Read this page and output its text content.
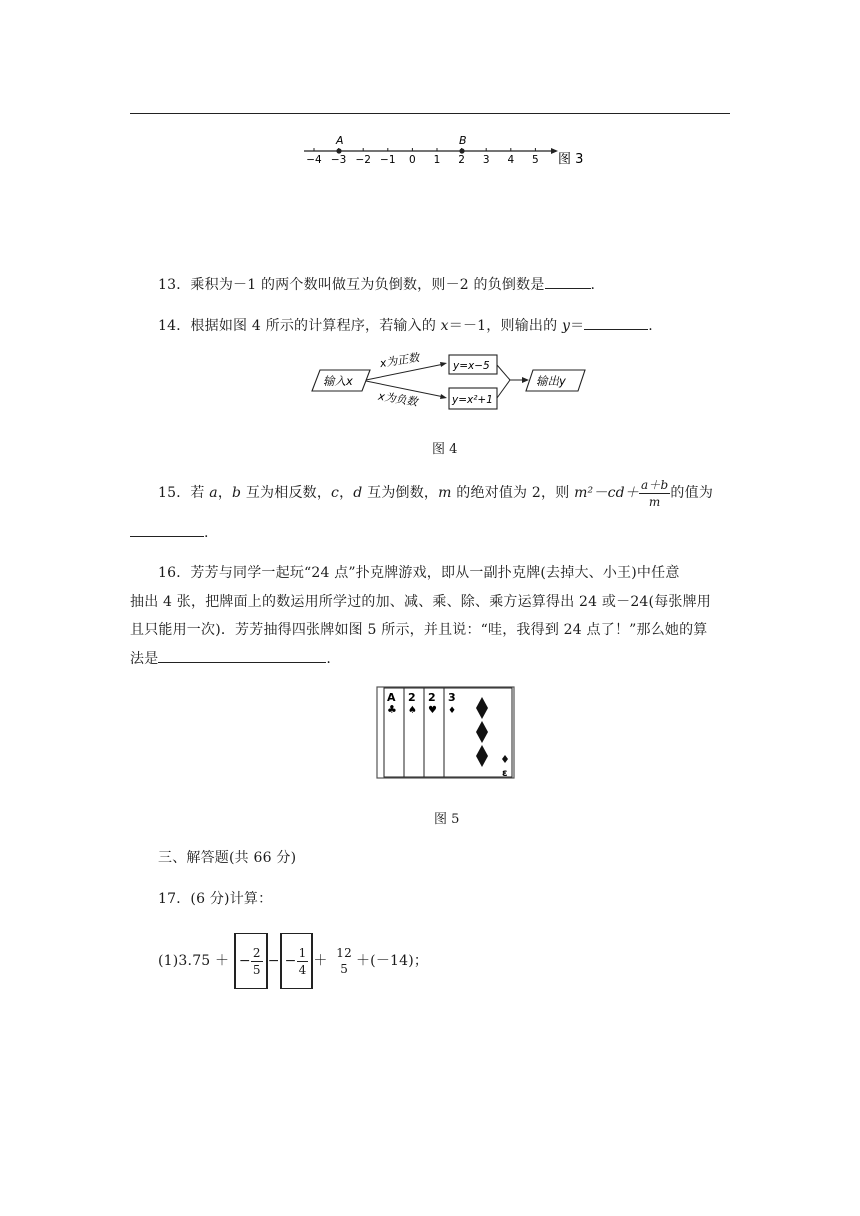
−4 −3 −2 −1 0 1 2 3 4 5
A	B
图 3
13．乘积为－1 的两个数叫做互为负倒数，则－2 的负倒数是	.
14．根据如图 4 所示的计算程序，若输入的 x＝－1，则输出的 y＝	.
输入x
x为正数
x为负数
y=x−5
y=x²+1
输出y
图 4
15．若 a，b 互为相反数，c，d 互为倒数，m 的绝对值为 2，则 $m^2-cd+ \frac{a+b}{m}$ 的值为
.
16．芳芳与同学一起玩“24 点”扑克牌游戏，即从一副扑克牌(去掉大、小王)中任意
抽出 4 张，把牌面上的数运用所学过的加、减、乘、除、乘方运算得出 24 或－24(每张牌用
且只能用一次)．芳芳抽得四张牌如图 5 所示，并且说：“哇，我得到 24 点了！”那么她的算
法是	.
A
♣
2
♠
2
♥
3
♦
ε
图 5
三、解答题(共 66 分)
17．(6 分)计算：
(1)3.75 ＋ − $\frac{2}{5}$ − − $\frac{1}{4} + 12$
5 ＋(－14)；
